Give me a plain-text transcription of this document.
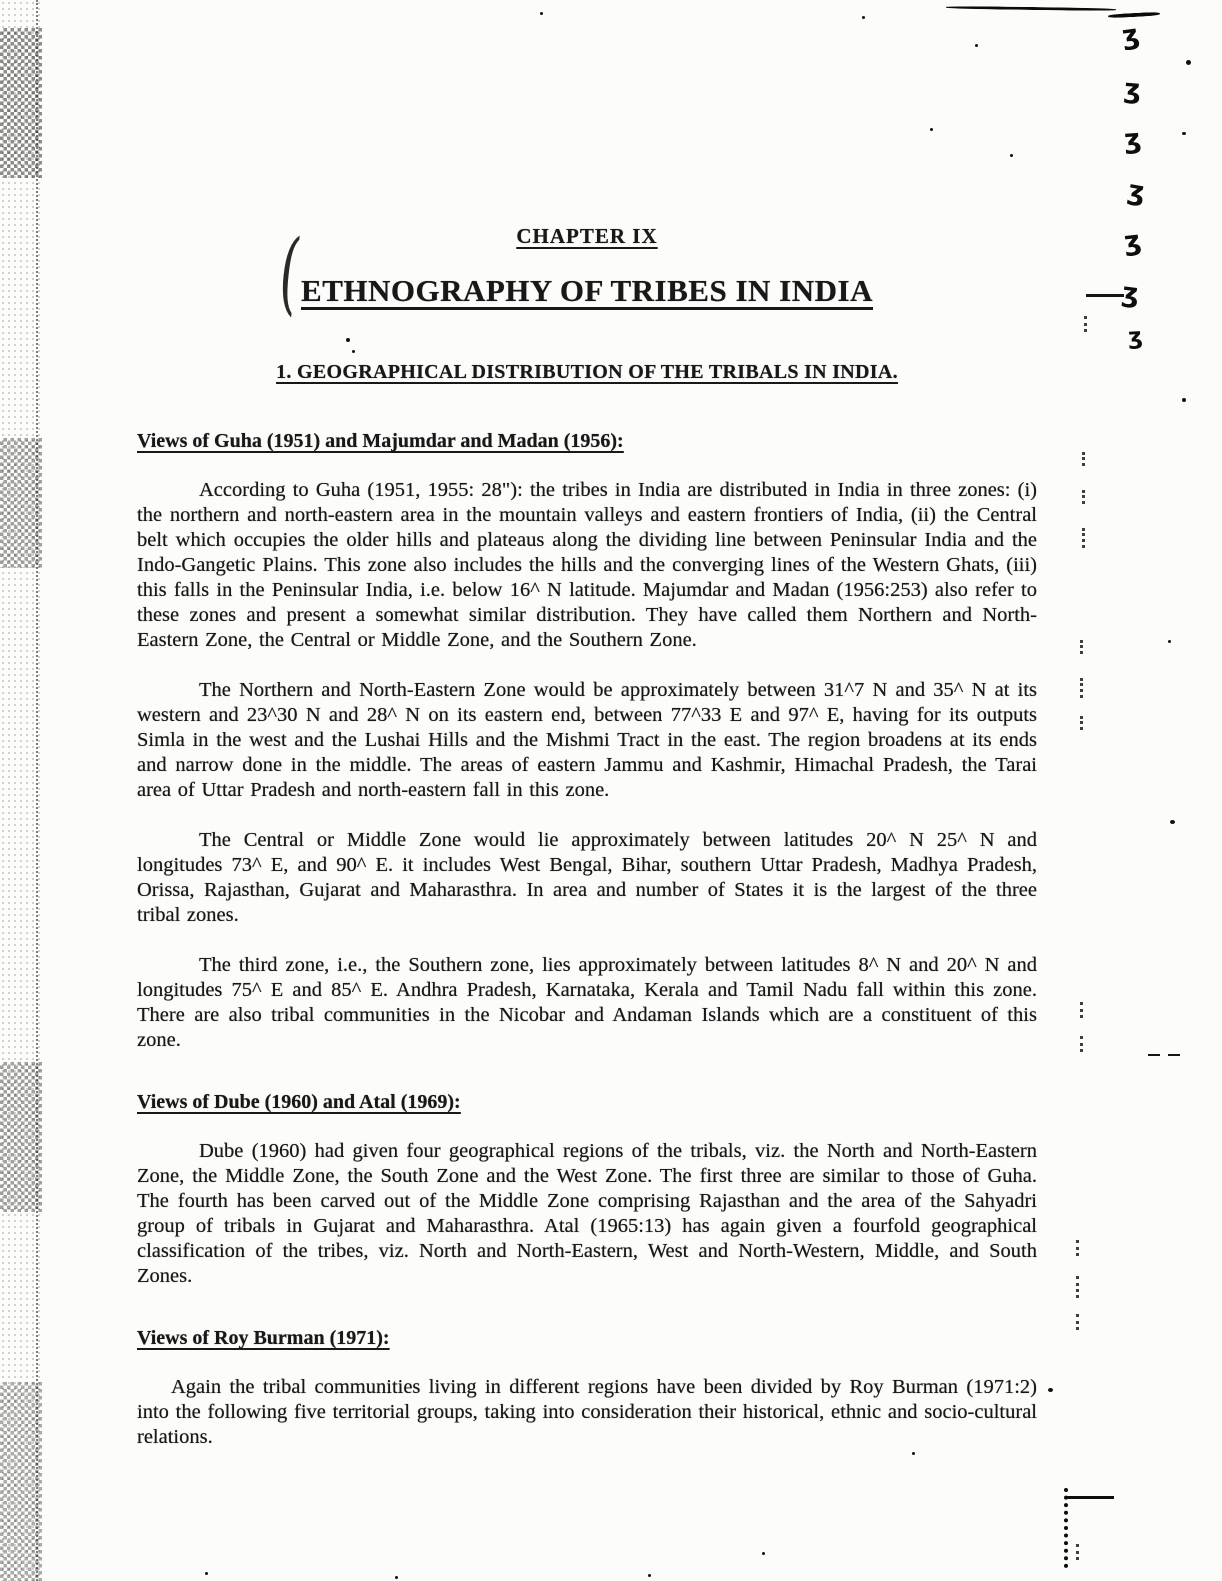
ʒ
ʒ
ʒ
ʒ
ʒ
ʒ
ʒ
(	CHAPTER IX
ETHNOGRAPHY OF TRIBES IN INDIA
1. GEOGRAPHICAL DISTRIBUTION OF THE TRIBALS IN INDIA.
Views of Guha (1951) and Majumdar and Madan (1956):

According to Guha (1951, 1955: 28"): the tribes in India are distributed in India in three zones: (i) the northern and north-eastern area in the mountain valleys and eastern frontiers of India, (ii) the Central belt which occupies the older hills and plateaus along the dividing line between Peninsular India and the Indo-Gangetic Plains. This zone also includes the hills and the converging lines of the Western Ghats, (iii) this falls in the Peninsular India, i.e. below 16^ N latitude. Majumdar and Madan (1956:253) also refer to these zones and present a somewhat similar distribution. They have called them Northern and North-Eastern Zone, the Central or Middle Zone, and the Southern Zone.

The Northern and North-Eastern Zone would be approximately between 31^7 N and 35^ N at its western and 23^30 N and 28^ N on its eastern end, between 77^33 E and 97^ E, having for its outputs Simla in the west and the Lushai Hills and the Mishmi Tract in the east. The region broadens at its ends and narrow done in the middle. The areas of eastern Jammu and Kashmir, Himachal Pradesh, the Tarai area of Uttar Pradesh and north-eastern fall in this zone.

The Central or Middle Zone would lie approximately between latitudes 20^ N 25^ N and longitudes 73^ E, and 90^ E. it includes West Bengal, Bihar, southern Uttar Pradesh, Madhya Pradesh, Orissa, Rajasthan, Gujarat and Maharasthra. In area and number of States it is the largest of the three tribal zones.

The third zone, i.e., the Southern zone, lies approximately between latitudes 8^ N and 20^ N and longitudes 75^ E and 85^ E. Andhra Pradesh, Karnataka, Kerala and Tamil Nadu fall within this zone. There are also tribal communities in the Nicobar and Andaman Islands which are a constituent of this zone.

Views of Dube (1960) and Atal (1969):

Dube (1960) had given four geographical regions of the tribals, viz. the North and North-Eastern Zone, the Middle Zone, the South Zone and the West Zone. The first three are similar to those of Guha. The fourth has been carved out of the Middle Zone comprising Rajasthan and the area of the Sahyadri group of tribals in Gujarat and Maharasthra. Atal (1965:13) has again given a fourfold geographical classification of the tribes, viz. North and North-Eastern, West and North-Western, Middle, and South Zones.

Views of Roy Burman (1971):

Again the tribal communities living in different regions have been divided by Roy Burman (1971:2) into the following five territorial groups, taking into consideration their historical, ethnic and socio-cultural relations.
